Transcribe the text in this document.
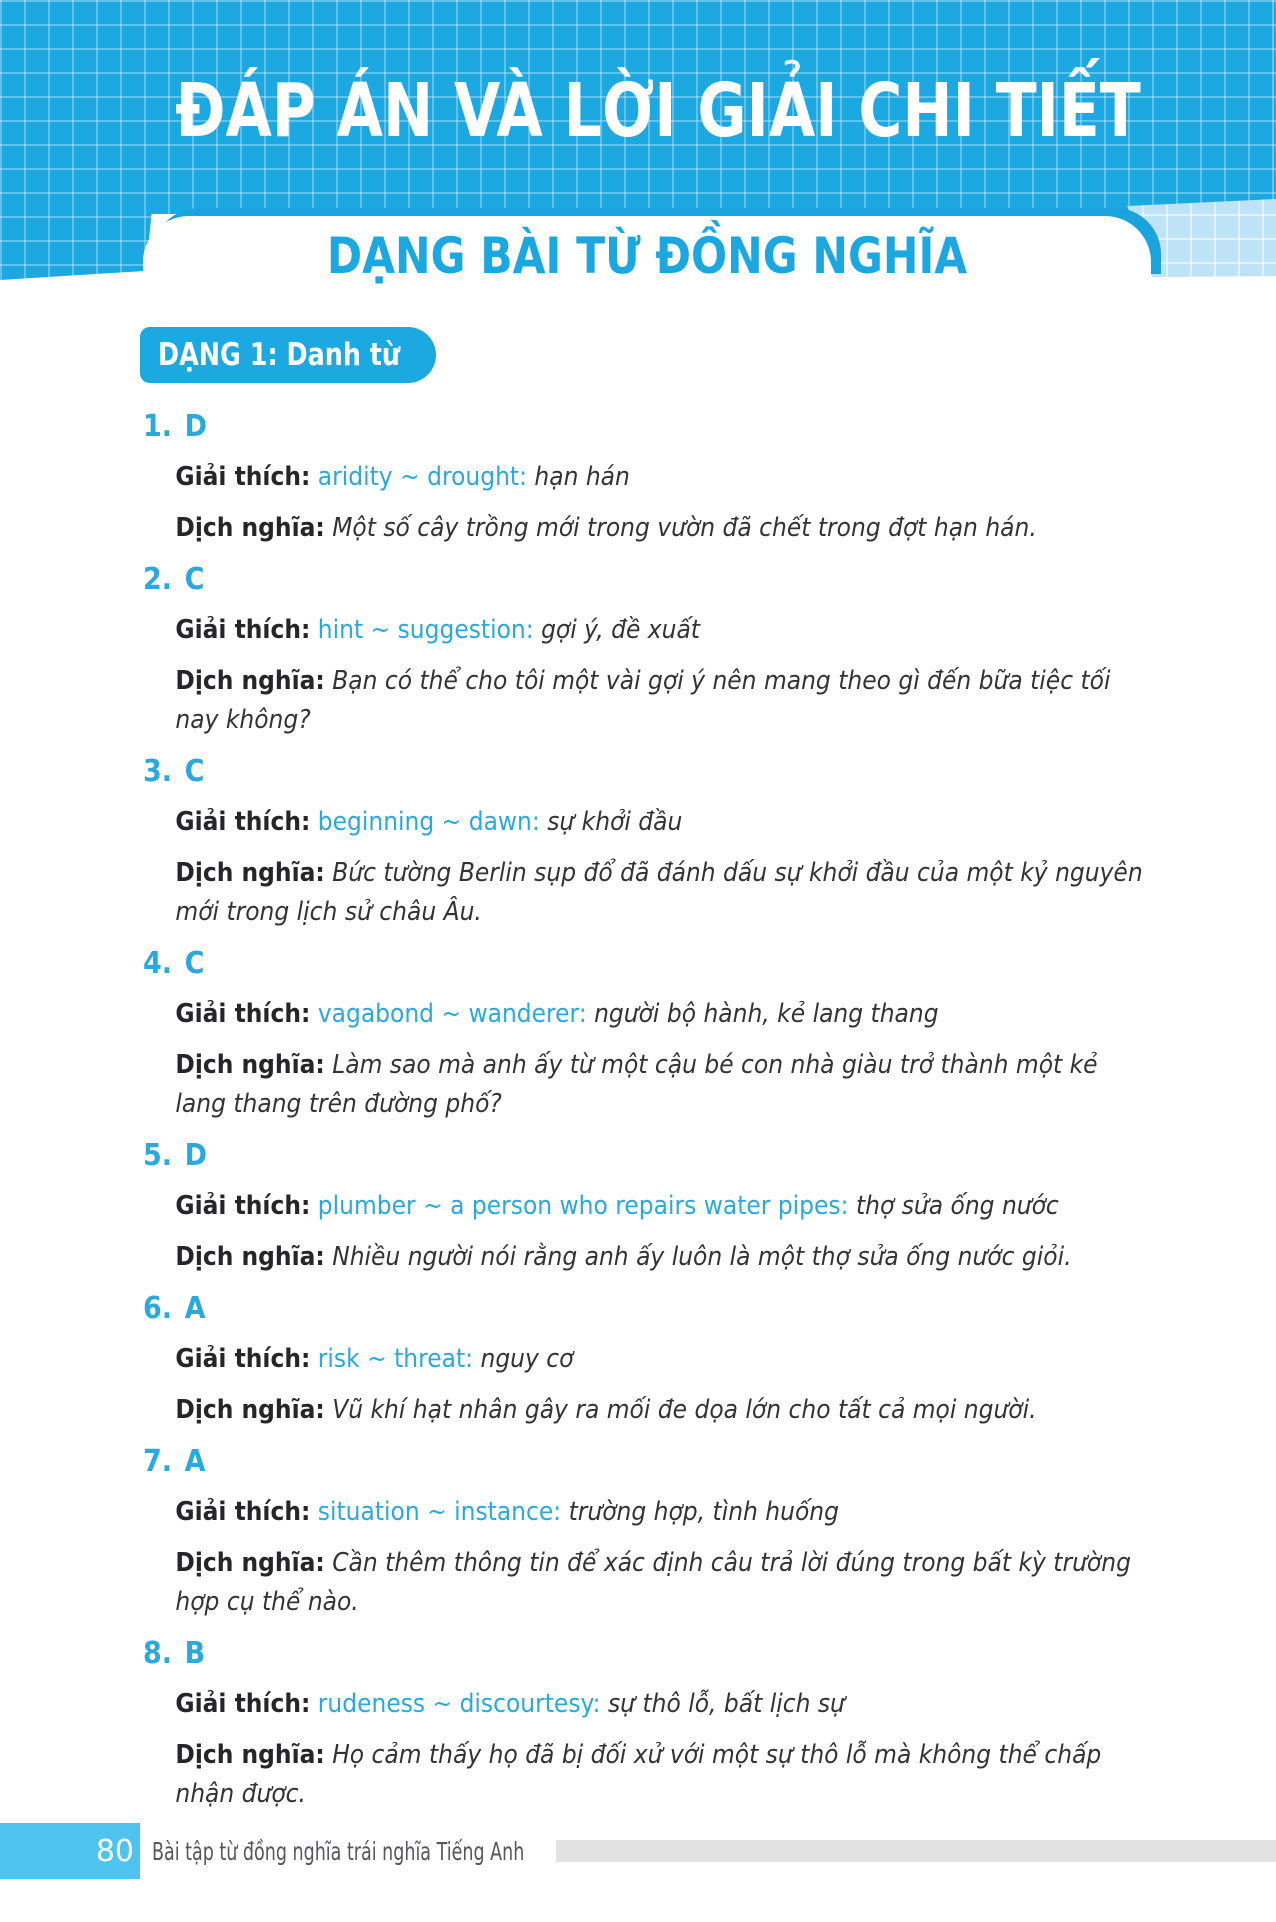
ĐÁP ÁN VÀ LỜI GIẢI CHI TIẾT
DẠNG BÀI TỪ ĐỒNG NGHĨA
DẠNG 1: Danh từ

1. D

Giải thích: aridity ~ drought: hạn hán

Dịch nghĩa: Một số cây trồng mới trong vườn đã chết trong đợt hạn hán.

2. C

Giải thích: hint ~ suggestion: gợi ý, đề xuất

Dịch nghĩa: Bạn có thể cho tôi một vài gợi ý nên mang theo gì đến bữa tiệc tối nay không?

3. C

Giải thích: beginning ~ dawn: sự khởi đầu

Dịch nghĩa: Bức tường Berlin sụp đổ đã đánh dấu sự khởi đầu của một kỷ nguyên mới trong lịch sử châu Âu.

4. C

Giải thích: vagabond ~ wanderer: người bộ hành, kẻ lang thang

Dịch nghĩa: Làm sao mà anh ấy từ một cậu bé con nhà giàu trở thành một kẻ lang thang trên đường phố?

5. D

Giải thích: plumber ~ a person who repairs water pipes: thợ sửa ống nước

Dịch nghĩa: Nhiều người nói rằng anh ấy luôn là một thợ sửa ống nước giỏi.

6. A

Giải thích: risk ~ threat: nguy cơ

Dịch nghĩa: Vũ khí hạt nhân gây ra mối đe dọa lớn cho tất cả mọi người.

7. A

Giải thích: situation ~ instance: trường hợp, tình huống

Dịch nghĩa: Cần thêm thông tin để xác định câu trả lời đúng trong bất kỳ trường hợp cụ thể nào.

8. B

Giải thích: rudeness ~ discourtesy: sự thô lỗ, bất lịch sự

Dịch nghĩa: Họ cảm thấy họ đã bị đối xử với một sự thô lỗ mà không thể chấp nhận được.

80 Bài tập từ đồng nghĩa trái nghĩa Tiếng Anh
